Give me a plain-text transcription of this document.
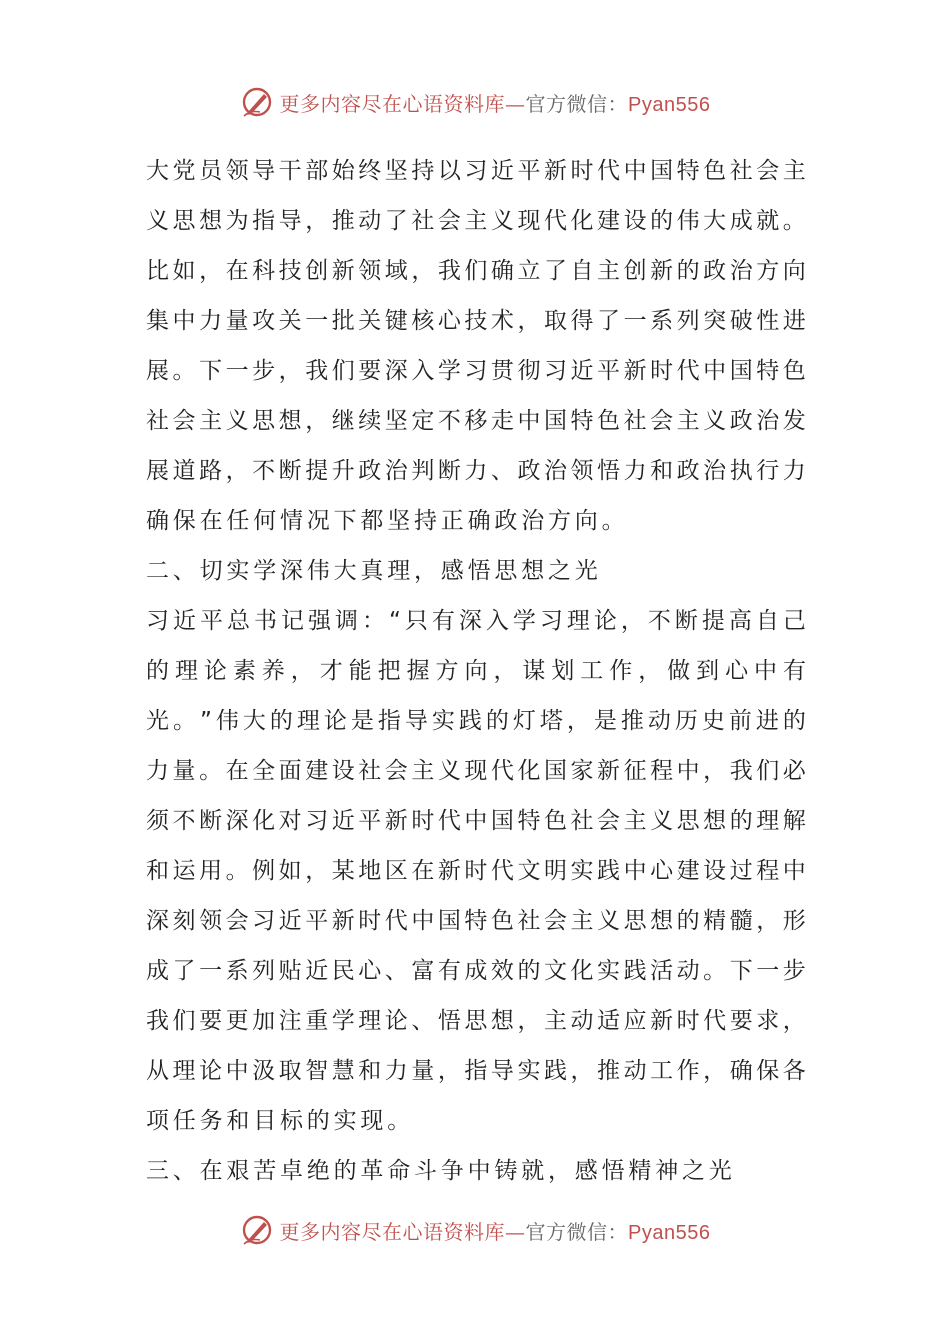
更多内容尽在心语资料库—官方微信：Pyan556
大 党 员 领 导 干 部 始 终 坚 持 以 习 近 平 新 时 代 中 国 特 色 社 会 主
义 思 想 为 指 导 ， 推 动 了 社 会 主 义 现 代 化 建 设 的 伟 大 成 就 。
比 如 ， 在 科 技 创 新 领 域 ， 我 们 确 立 了 自 主 创 新 的 政 治 方 向
集 中 力 量 攻 关 一 批 关 键 核 心 技 术 ， 取 得 了 一 系 列 突 破 性 进
展 。 下 一 步 ， 我 们 要 深 入 学 习 贯 彻 习 近 平 新 时 代 中 国 特 色
社 会 主 义 思 想 ， 继 续 坚 定 不 移 走 中 国 特 色 社 会 主 义 政 治 发
展 道 路 ， 不 断 提 升 政 治 判 断 力 、 政 治 领 悟 力 和 政 治 执 行 力
确保在任何情况下都坚持正确政治方向。
二、切实学深伟大真理，感悟思想之光
习 近 平 总 书 记 强 调 ： “ 只 有 深 入 学 习 理 论 ， 不 断 提 高 自 己
的 理 论 素 养 ， 才 能 把 握 方 向 ， 谋 划 工 作 ， 做 到 心 中 有
光 。 ” 伟 大 的 理 论 是 指 导 实 践 的 灯 塔 ， 是 推 动 历 史 前 进 的
力 量 。 在 全 面 建 设 社 会 主 义 现 代 化 国 家 新 征 程 中 ， 我 们 必
须 不 断 深 化 对 习 近 平 新 时 代 中 国 特 色 社 会 主 义 思 想 的 理 解
和 运 用 。 例 如 ， 某 地 区 在 新 时 代 文 明 实 践 中 心 建 设 过 程 中
深 刻 领 会 习 近 平 新 时 代 中 国 特 色 社 会 主 义 思 想 的 精 髓 ， 形
成 了 一 系 列 贴 近 民 心 、 富 有 成 效 的 文 化 实 践 活 动 。 下 一 步
我 们 要 更 加 注 重 学 理 论 、 悟 思 想 ， 主 动 适 应 新 时 代 要 求 ，
从 理 论 中 汲 取 智 慧 和 力 量 ， 指 导 实 践 ， 推 动 工 作 ， 确 保 各
项任务和目标的实现。
三、在艰苦卓绝的革命斗争中铸就，感悟精神之光
更多内容尽在心语资料库—官方微信：Pyan556
